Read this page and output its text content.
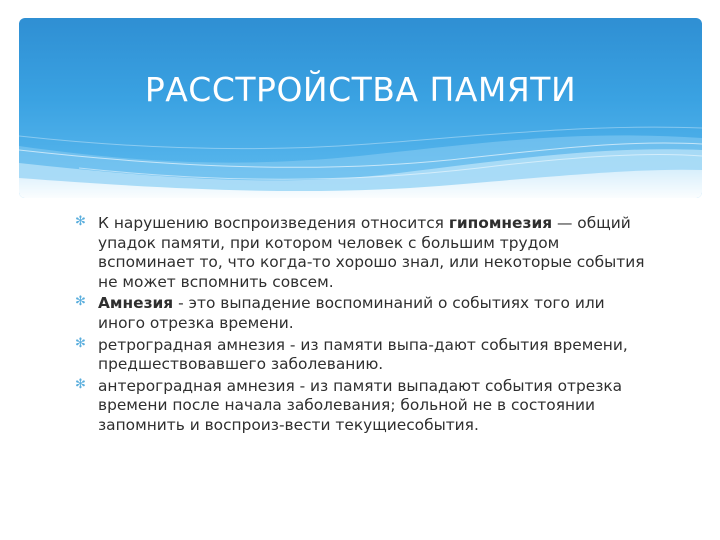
РАССТРОЙСТВА ПАМЯТИ
✻ К нарушению воспроизведения относится гипомнезия — общий упадок памяти, при котором человек с большим трудом вспоминает то, что когда-то хорошо знал, или некоторые события не может вспомнить совсем.
✻ Амнезия - это выпадение воспоминаний о событиях того или иного отрезка времени.
✻ ретроградная амнезия - из памяти выпа-дают события времени, предшествовавшего заболеванию.
✻ антероградная амнезия - из памяти выпадают события отрезка времени после начала заболевания; больной не в состоянии запомнить и воспроиз-вести текущиесобытия.
